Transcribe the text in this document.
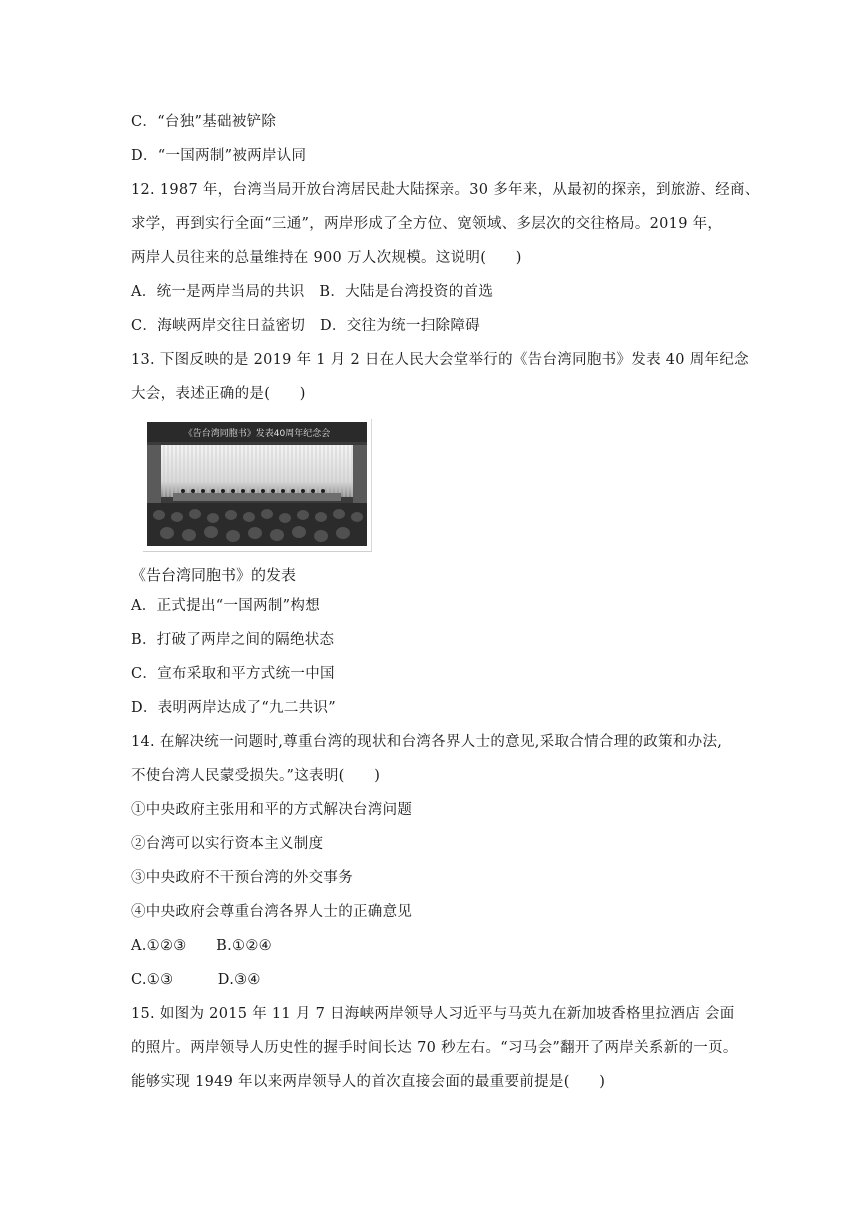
C．“台独”基础被铲除
D．“一国两制”被两岸认同
12. 1987 年，台湾当局开放台湾居民赴大陆探亲。30 多年来，从最初的探亲，到旅游、经商、
求学，再到实行全面“三通”，两岸形成了全方位、宽领域、多层次的交往格局。2019 年，
两岸人员往来的总量维持在 900 万人次规模。这说明(　　)
A．统一是两岸当局的共识　B．大陆是台湾投资的首选
C．海峡两岸交往日益密切　D．交往为统一扫除障碍
13. 下图反映的是 2019 年 1 月 2 日在人民大会堂举行的《告台湾同胞书》发表 40 周年纪念
大会，表述正确的是(　　)
《告台湾同胞书》发表40周年纪念会
《告台湾同胞书》的发表
A．正式提出“一国两制”构想
B．打破了两岸之间的隔绝状态
C．宣布采取和平方式统一中国
D．表明两岸达成了“九二共识”
14. 在解决统一问题时,尊重台湾的现状和台湾各界人士的意见,采取合情合理的政策和办法,
不使台湾人民蒙受损失。”这表明(　　)
①中央政府主张用和平的方式解决台湾问题
②台湾可以实行资本主义制度
③中央政府不干预台湾的外交事务
④中央政府会尊重台湾各界人士的正确意见
A.①②③　　B.①②④
C.①③　　　D.③④
15. 如图为 2015 年 11 月 7 日海峡两岸领导人习近平与马英九在新加坡香格里拉酒店 会面
的照片。两岸领导人历史性的握手时间长达 70 秒左右。“习马会”翻开了两岸关系新的一页。
能够实现 1949 年以来两岸领导人的首次直接会面的最重要前提是(　　)
